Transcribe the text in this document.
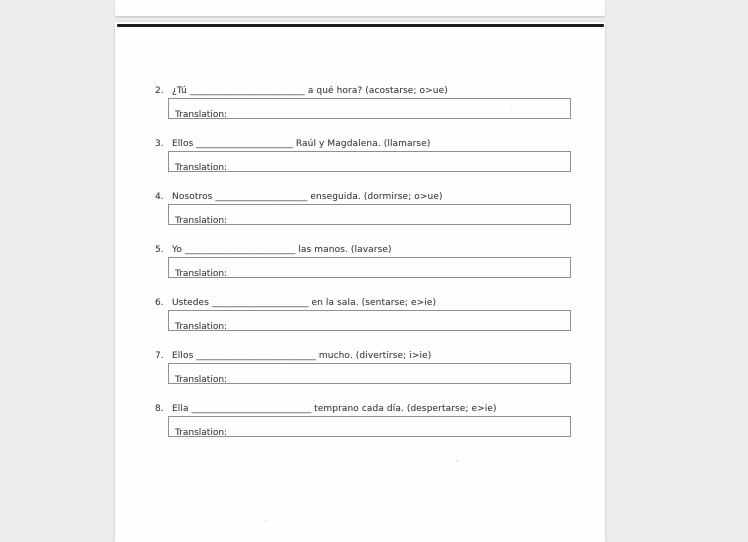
2. ¿Tú _________________________ a qué hora? (acostarse; o>ue)
Translation:
3. Ellos _____________________ Raúl y Magdalena. (llamarse)
Translation:
4. Nosotros ____________________ enseguida. (dormirse; o>ue)
Translation:
5. Yo ________________________ las manos. (lavarse)
Translation:
6. Ustedes _____________________ en la sala. (sentarse; e>ie)
Translation:
7. Ellos __________________________ mucho. (divertirse; i>ie)
Translation:
8. Ella __________________________ temprano cada día. (despertarse; e>ie)
Translation:
